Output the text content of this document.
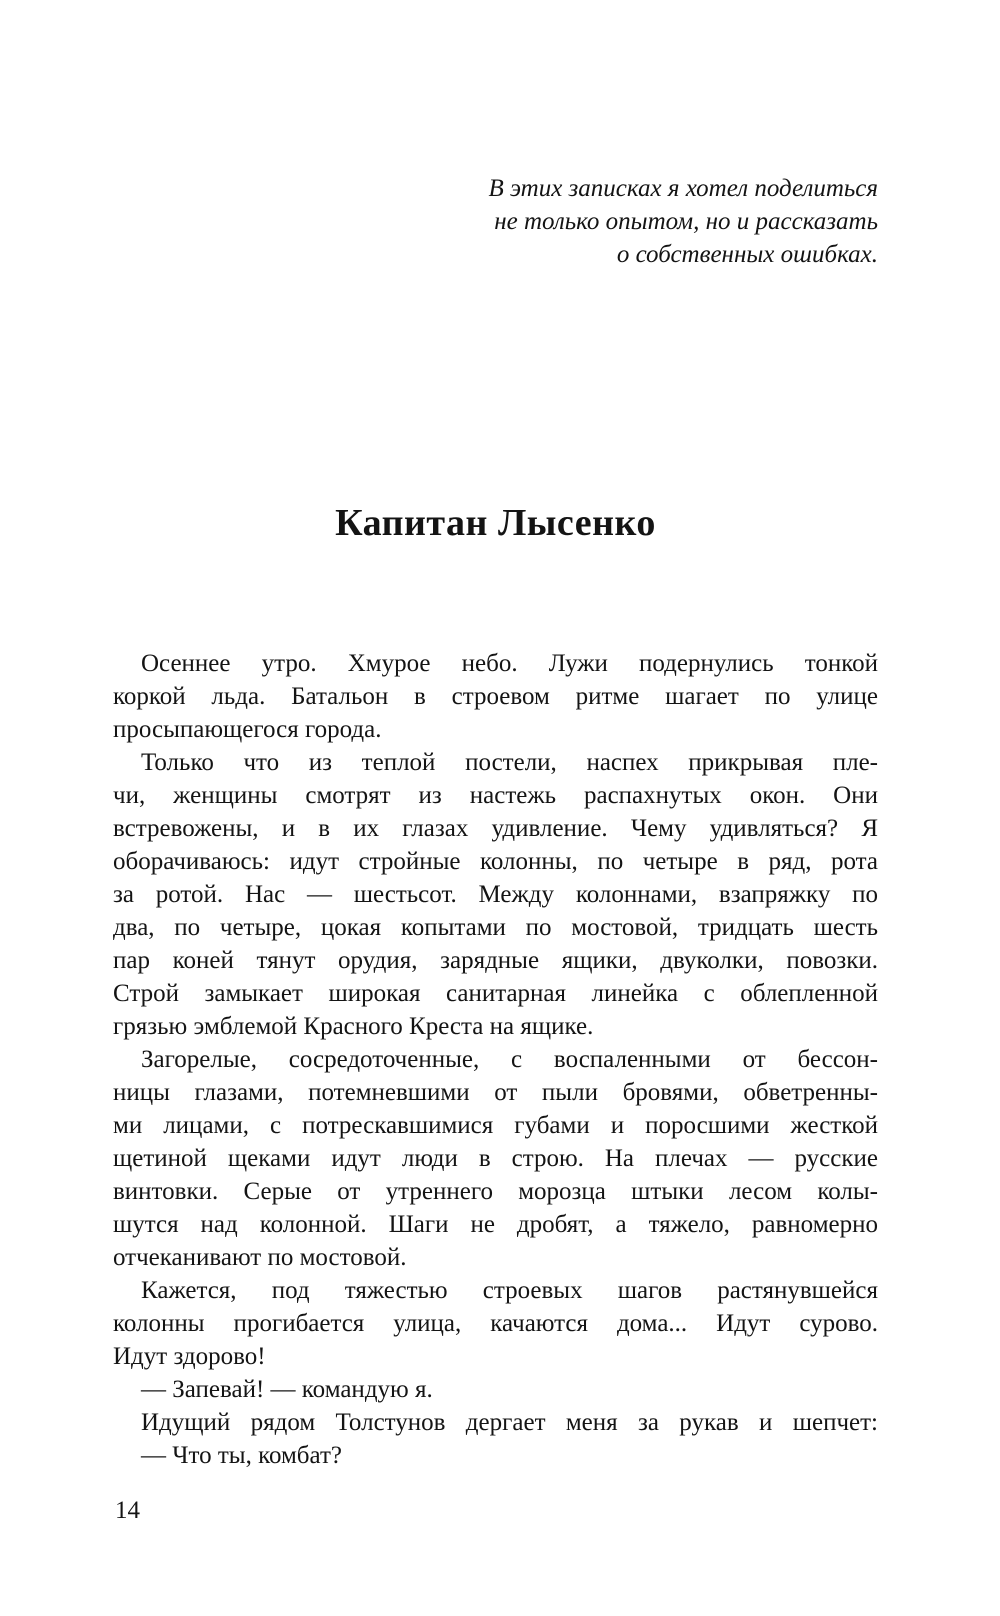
В этих записках я хотел поделиться
не только опытом, но и рассказать
о собственных ошибках.
Капитан Лысенко
Осеннее утро. Хмурое небо. Лужи подернулись тонкой
коркой льда. Батальон в строевом ритме шагает по улице
просыпающегося города.
Только что из теплой постели, наспех прикрывая пле-
чи, женщины смотрят из настежь распахнутых окон. Они
встревожены, и в их глазах удивление. Чему удивляться? Я
оборачиваюсь: идут стройные колонны, по четыре в ряд, рота
за ротой. Нас — шестьсот. Между колоннами, взапряжку по
два, по четыре, цокая копытами по мостовой, тридцать шесть
пар коней тянут орудия, зарядные ящики, двуколки, повозки.
Строй замыкает широкая санитарная линейка с облепленной
грязью эмблемой Красного Креста на ящике.
Загорелые, сосредоточенные, с воспаленными от бессон-
ницы глазами, потемневшими от пыли бровями, обветренны-
ми лицами, с потрескавшимися губами и поросшими жесткой
щетиной щеками идут люди в строю. На плечах — русские
винтовки. Серые от утреннего морозца штыки лесом колы-
шутся над колонной. Шаги не дробят, а тяжело, равномерно
отчеканивают по мостовой.
Кажется, под тяжестью строевых шагов растянувшейся
колонны прогибается улица, качаются дома... Идут сурово.
Идут здорово!
— Запевай! — командую я.
Идущий рядом Толстунов дергает меня за рукав и шепчет:
— Что ты, комбат?
14
